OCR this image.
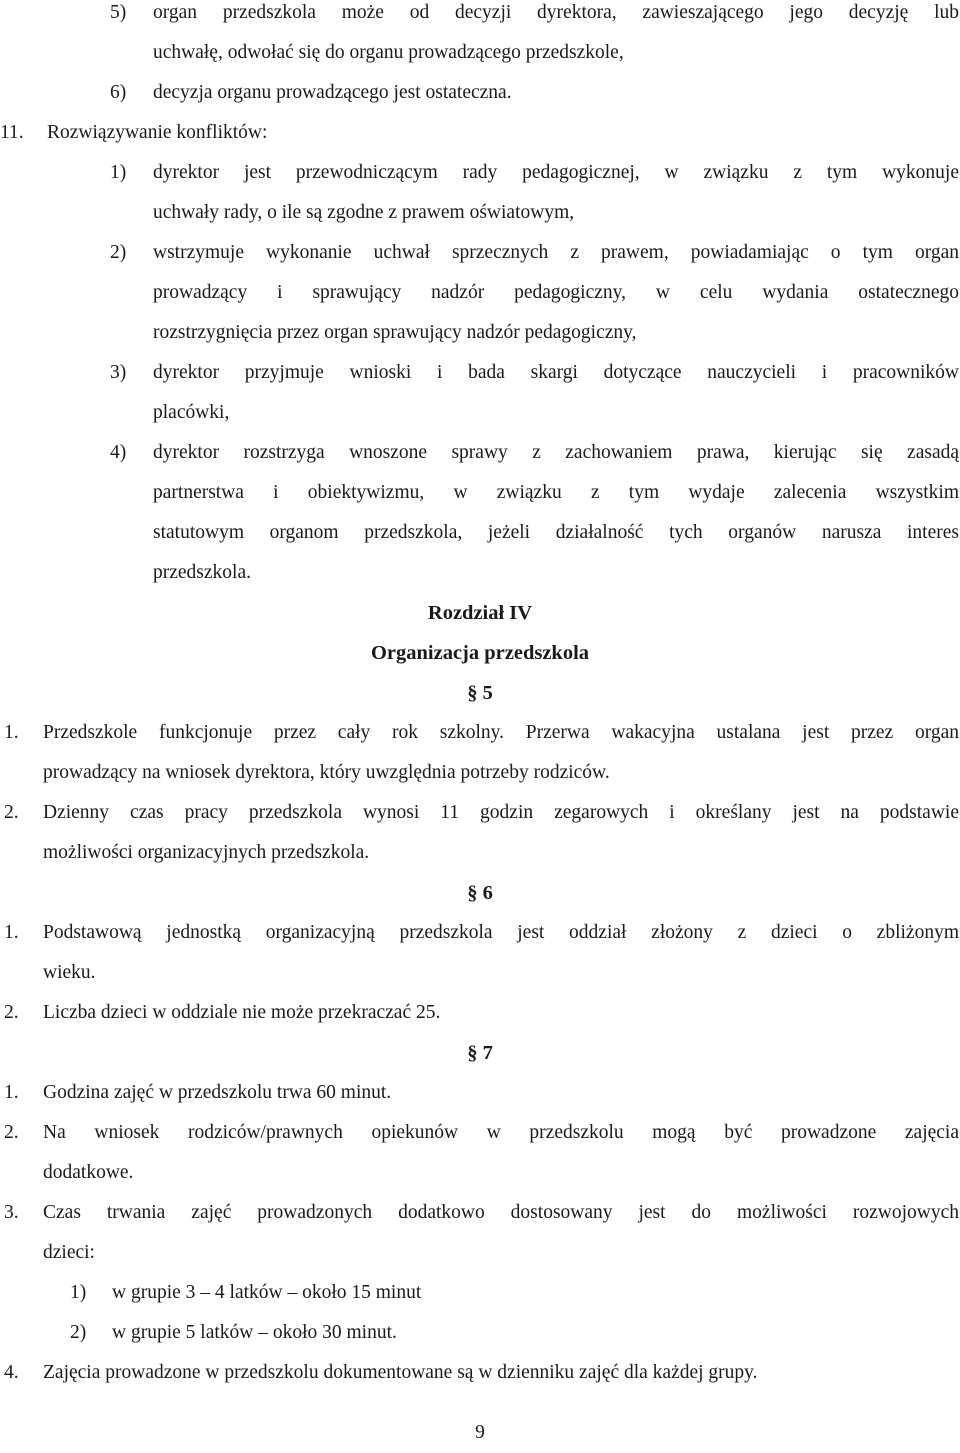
5) organ przedszkola może od decyzji dyrektora, zawieszającego jego decyzję lub
uchwałę, odwołać się do organu prowadzącego przedszkole,
6) decyzja organu prowadzącego jest ostateczna.
11. Rozwiązywanie konfliktów:
1) dyrektor jest przewodniczącym rady pedagogicznej, w związku z tym wykonuje
uchwały rady, o ile są zgodne z prawem oświatowym,
2) wstrzymuje wykonanie uchwał sprzecznych z prawem, powiadamiając o tym organ
prowadzący i sprawujący nadzór pedagogiczny, w celu wydania ostatecznego
rozstrzygnięcia przez organ sprawujący nadzór pedagogiczny,
3) dyrektor przyjmuje wnioski i bada skargi dotyczące nauczycieli i pracowników
placówki,
4) dyrektor rozstrzyga wnoszone sprawy z zachowaniem prawa, kierując się zasadą
partnerstwa i obiektywizmu, w związku z tym wydaje zalecenia wszystkim
statutowym organom przedszkola, jeżeli działalność tych organów narusza interes
przedszkola.
Rozdział IV
Organizacja przedszkola
§ 5
1. Przedszkole funkcjonuje przez cały rok szkolny. Przerwa wakacyjna ustalana jest przez organ
prowadzący na wniosek dyrektora, który uwzględnia potrzeby rodziców.
2. Dzienny czas pracy przedszkola wynosi 11 godzin zegarowych i określany jest na podstawie
możliwości organizacyjnych przedszkola.
§ 6
1. Podstawową jednostką organizacyjną przedszkola jest oddział złożony z dzieci o zbliżonym
wieku.
2. Liczba dzieci w oddziale nie może przekraczać 25.
§ 7
1. Godzina zajęć w przedszkolu trwa 60 minut.
2. Na wniosek rodziców/prawnych opiekunów w przedszkolu mogą być prowadzone zajęcia
dodatkowe.
3. Czas trwania zajęć prowadzonych dodatkowo dostosowany jest do możliwości rozwojowych
dzieci:
1) w grupie 3 – 4 latków – około 15 minut
2) w grupie 5 latków – około 30 minut.
4. Zajęcia prowadzone w przedszkolu dokumentowane są w dzienniku zajęć dla każdej grupy.
9
